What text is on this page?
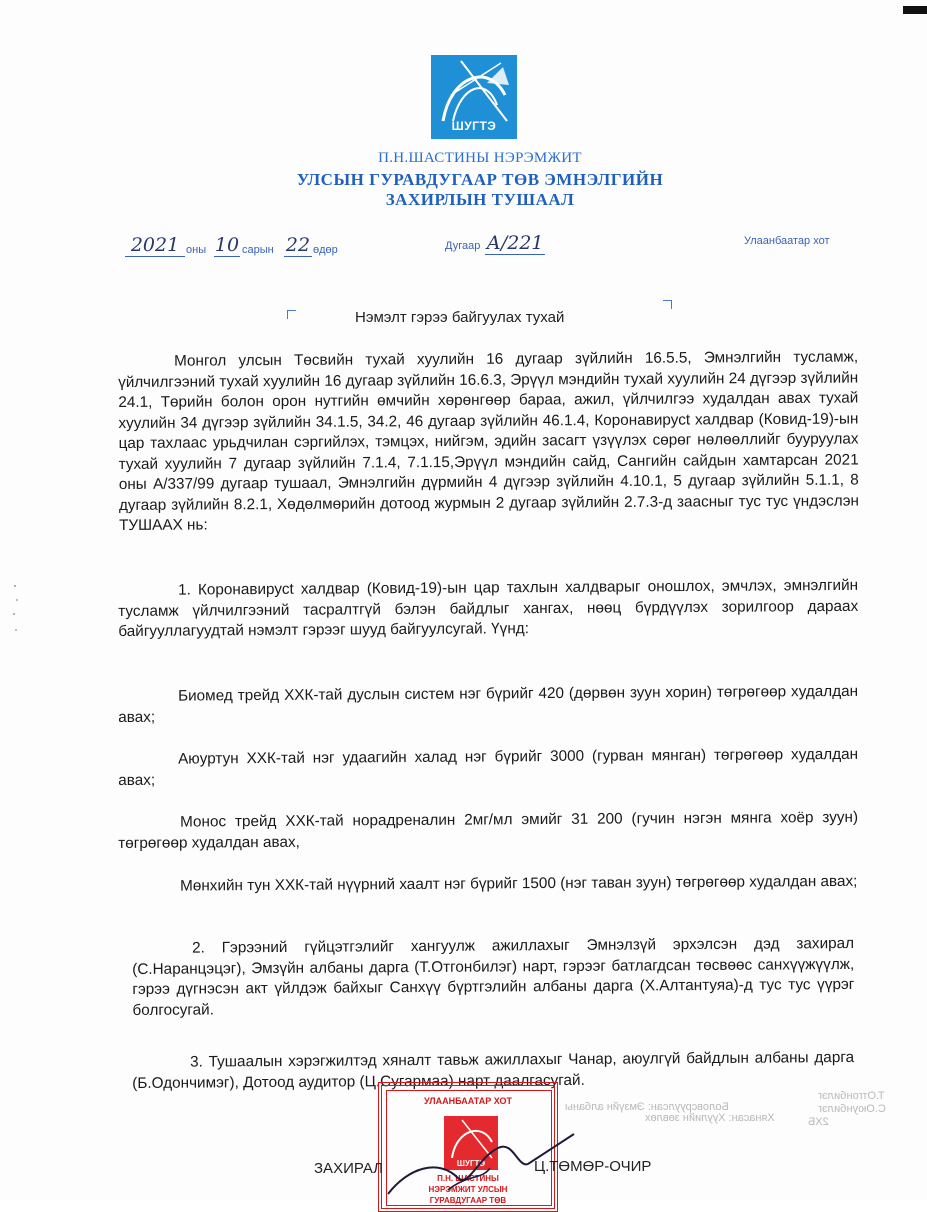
ШУГТЭ
П.Н.ШАСТИНЫ НЭРЭМЖИТ
УЛСЫН ГУРАВДУГААР ТӨВ ЭМНЭЛГИЙН
ЗАХИРЛЫН ТУШААЛ
2021 оны 10 сарын 22 өдөр	Дугаар А/221	Улаанбаатар хот
Нэмэлт гэрээ байгуулах тухай
Монгол улсын Төсвийн тухай хуулийн 16 дугаар зүйлийн 16.5.5, Эмнэлгийн тусламж, үйлчилгээний тухай хуулийн 16 дугаар зүйлийн 16.6.3, Эрүүл мэндийн тухай хуулийн 24 дүгээр зүйлийн 24.1, Төрийн болон орон нутгийн өмчийн хөрөнгөөр бараа, ажил, үйлчилгээ худалдан авах тухай хуулийн 34 дүгээр зүйлийн 34.1.5, 34.2, 46 дугаар зүйлийн 46.1.4, Коронавирусt халдвар (Ковид-19)-ын цар тахлаас урьдчилан сэргийлэх, тэмцэх, нийгэм, эдийн засагт үзүүлэх сөрөг нөлөөллийг бууруулах тухай хуулийн 7 дугаар зүйлийн 7.1.4, 7.1.15,Эрүүл мэндийн сайд, Сангийн сайдын хамтарсан 2021 оны А/337/99 дугаар тушаал, Эмнэлгийн дүрмийн 4 дүгээр зүйлийн 4.10.1, 5 дугаар зүйлийн 5.1.1, 8 дугаар зүйлийн 8.2.1, Хөдөлмөрийн дотоод журмын 2 дугаар зүйлийн 2.7.3-д заасныг тус тус үндэслэн ТУШААХ нь:
1. Коронавирусt халдвар (Ковид-19)-ын цар тахлын халдварыг оношлох, эмчлэх, эмнэлгийн тусламж үйлчилгээний тасралтгүй бэлэн байдлыг хангах, нөөц бүрдүүлэх зорилгоор дараах байгууллагуудтай нэмэлт гэрээг шууд байгуулсугай. Үүнд:
Биомед трейд ХХК-тай дуслын систем нэг бүрийг 420 (дөрвөн зуун хорин) төгрөгөөр худалдан авах;
Аюуртун ХХК-тай нэг удаагийн халад нэг бүрийг 3000 (гурван мянган) төгрөгөөр худалдан авах;
Монос трейд ХХК-тай норадреналин 2мг/мл эмийг 31 200 (гучин нэгэн мянга хоёр зуун) төгрөгөөр худалдан авах,
Мөнхийн тун ХХК-тай нүүрний хаалт нэг бүрийг 1500 (нэг таван зуун) төгрөгөөр худалдан авах;
2. Гэрээний гүйцэтгэлийг хангуулж ажиллахыг Эмнэлзүй эрхэлсэн дэд захирал (С.Наранцэцэг), Эмзүйн албаны дарга (Т.Отгонбилэг) нарт, гэрээг батлагдсан төсвөөс санхүүжүүлж, гэрээ дүгнэсэн акт үйлдэж байхыг Санхүү бүртгэлийн албаны дарга (Х.Алтантуяа)-д тус тус үүрэг болгосугай.
3. Тушаалын хэрэгжилтэд хяналт тавьж ажиллахыг Чанар, аюулгүй байдлын албаны дарга (Б.Одончимэг), Дотоод аудитор (Ц.Сугармаа) нарт даалгасугай.
Т.Отгонбилэг
С.Оюунбилэг
Боловсруулсан: Эмзүйн албаны
Хянасан: Хуулийн зөвлөх	2ХБ
УЛААНБААТАР ХОТ
ШУГТЭ
П.Н. ШАСТИНЫ
НЭРЭМЖИТ УЛСЫН
ГУРАВДУГААР ТӨВ
ЗАХИРАЛ	Ц.ТӨМӨР-ОЧИР
